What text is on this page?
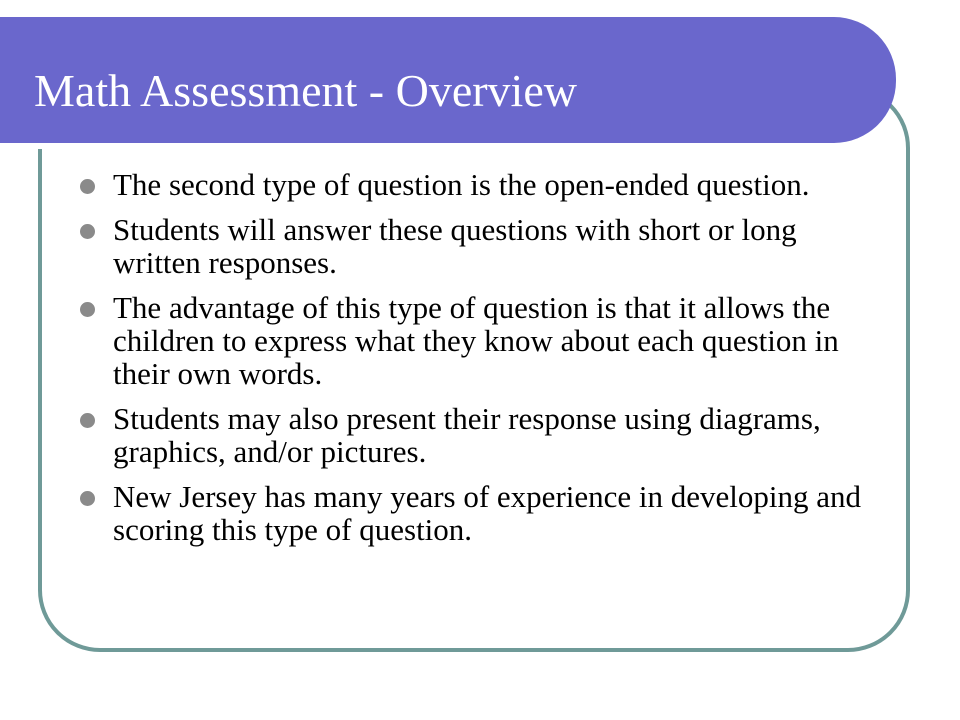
Math Assessment - Overview
The second type of question is the open-ended question.
Students will answer these questions with short or long written responses.
The advantage of this type of question is that it allows the children to express what they know about each question in their own words.
Students may also present their response using diagrams, graphics, and/or pictures.
New Jersey has many years of experience in developing and scoring this type of question.
